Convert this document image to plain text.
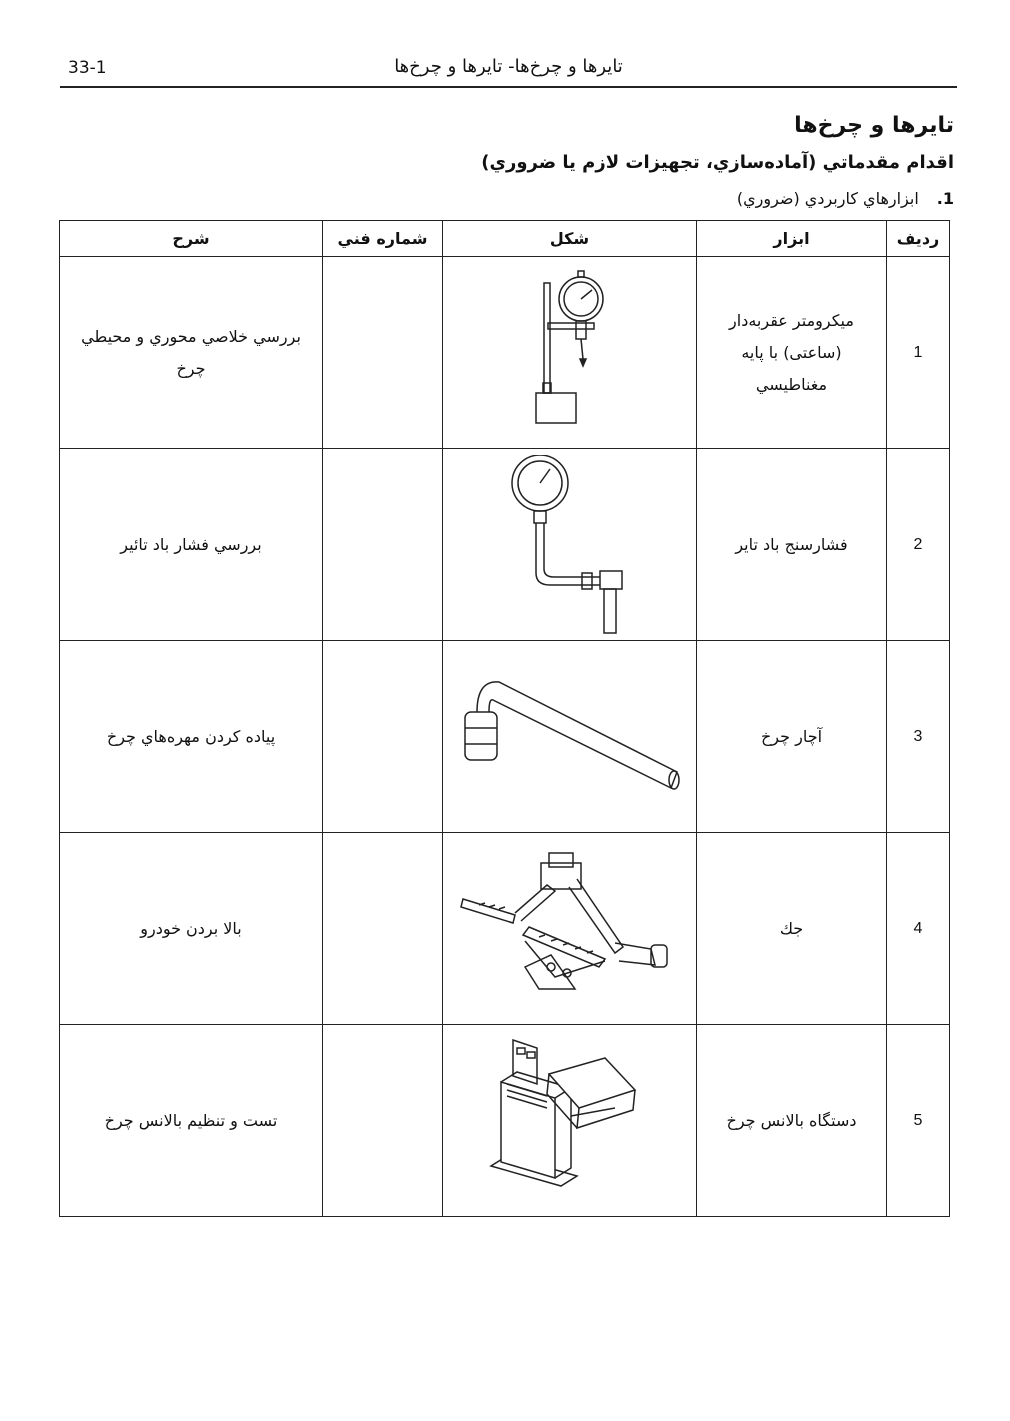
33-1	تايرها و چرخ‌ها- تايرها و چرخ‌ها
تايرها و چرخ‌ها
اقدام مقدماتي (آماده‌سازي، تجهيزات لازم يا ضروري)
1.ابزارهاي كاربردي (ضروري)
رديف	ابزار	شكل	شماره فني	شرح
1	ميكرومتر عقربه‌دار (ساعتی) با پايه مغناطيسي			بررسي خلاصي محوري و محيطي چرخ

2	فشارسنج باد تاير			بررسي فشار باد تائير

3	آچار چرخ			پياده كردن مهره‌هاي چرخ

4	جك			بالا بردن خودرو

5	دستگاه بالانس چرخ			تست و تنظيم بالانس چرخ
